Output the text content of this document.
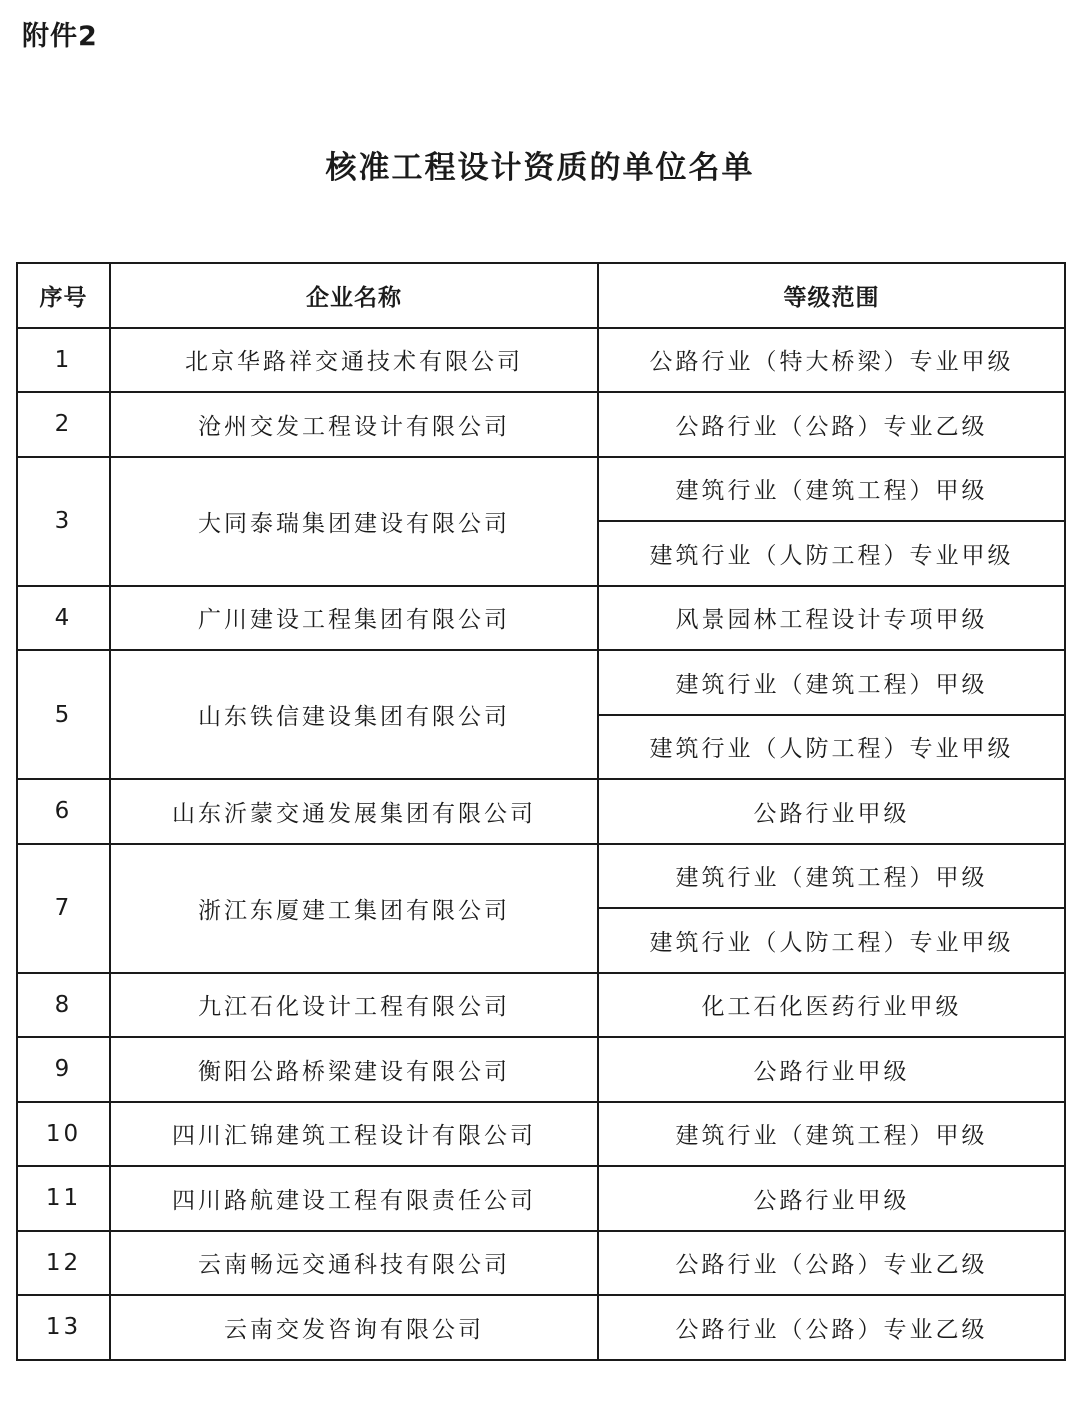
附件2
核准工程设计资质的单位名单
序号	企业名称	等级范围
1	北京华路祥交通技术有限公司	公路行业（特大桥梁）专业甲级
2	沧州交发工程设计有限公司	公路行业（公路）专业乙级
3	大同泰瑞集团建设有限公司	建筑行业（建筑工程）甲级
		建筑行业（人防工程）专业甲级
4	广川建设工程集团有限公司	风景园林工程设计专项甲级
5	山东铁信建设集团有限公司	建筑行业（建筑工程）甲级
		建筑行业（人防工程）专业甲级
6	山东沂蒙交通发展集团有限公司	公路行业甲级
7	浙江东厦建工集团有限公司	建筑行业（建筑工程）甲级
		建筑行业（人防工程）专业甲级
8	九江石化设计工程有限公司	化工石化医药行业甲级
9	衡阳公路桥梁建设有限公司	公路行业甲级
10	四川汇锦建筑工程设计有限公司	建筑行业（建筑工程）甲级
11	四川路航建设工程有限责任公司	公路行业甲级
12	云南畅远交通科技有限公司	公路行业（公路）专业乙级
13	云南交发咨询有限公司	公路行业（公路）专业乙级
